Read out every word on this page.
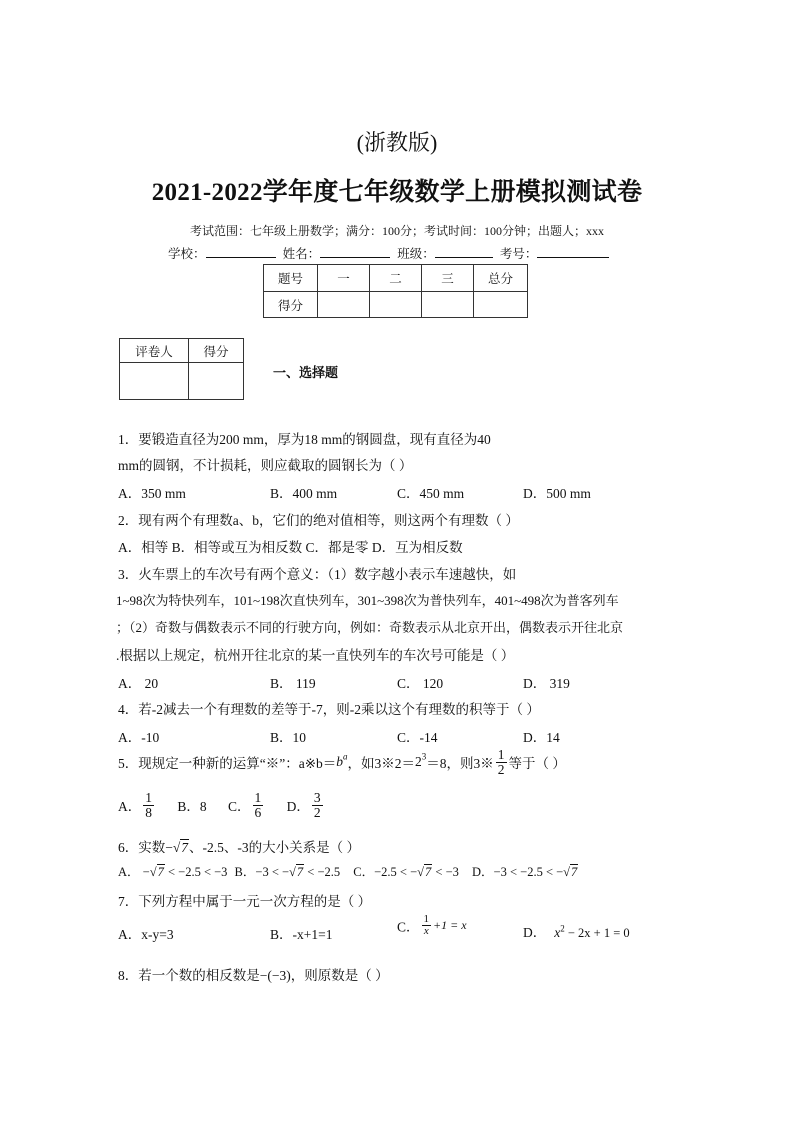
(浙教版)
2021-2022学年度七年级数学上册模拟测试卷
考试范围：七年级上册数学；满分：100分；考试时间：100分钟；出题人；xxx
学校：	姓名：	班级：	考号：
题号	一	二	三	总分
得分				
评卷人	得分

一、选择题
1．要锻造直径为200 mm，厚为18 mm的钢圆盘，现有直径为40
mm的圆钢，不计损耗，则应截取的圆钢长为（ ）
A．350 mm	B．400 mm	C．450 mm	D．500 mm
2．现有两个有理数a、b，它们的绝对值相等，则这两个有理数（ ）
A．相等 B．相等或互为相反数 C．都是零 D．互为相反数
3．火车票上的车次号有两个意义：（1）数字越小表示车速越快，如
1~98次为特快列车，101~198次直快列车，301~398次为普快列车，401~498次为普客列车
；（2）奇数与偶数表示不同的行驶方向，例如：奇数表示从北京开出，偶数表示开往北京
.根据以上规定，杭州开往北京的某一直快列车的车次号可能是（ ）
A． 20	B． 119	C． 120	D． 319
4．若-2减去一个有理数的差等于-7，则-2乘以这个有理数的积等于（ ）
A．-10	B．10	C．-14	D．14
5．现规定一种新的运算“※”：$a※b=b^a$，如$3※2=2^3=8$，则3※ $\frac{1}{2}$ 等于（ ）
A． $\frac{1}{8}$ B．8 C． $\frac{1}{6}$ D． $\frac{3}{2}$
6．实数−√7、-2.5、-3的大小关系是（ ）
A． −√7 < −2.5 < −3 B．−3 < −√7 < −2.5 C．−2.5 < −√7 < −3 D．−3 < −2.5 < −√7
7．下列方程中属于一元一次方程的是（ ）
A．x-y=3	B．-x+1=1	C． $\frac{1}{x} +1 = x$	D． $x^2 - 2x + 1 = 0$
8．若一个数的相反数是−(−3)，则原数是（ ）
